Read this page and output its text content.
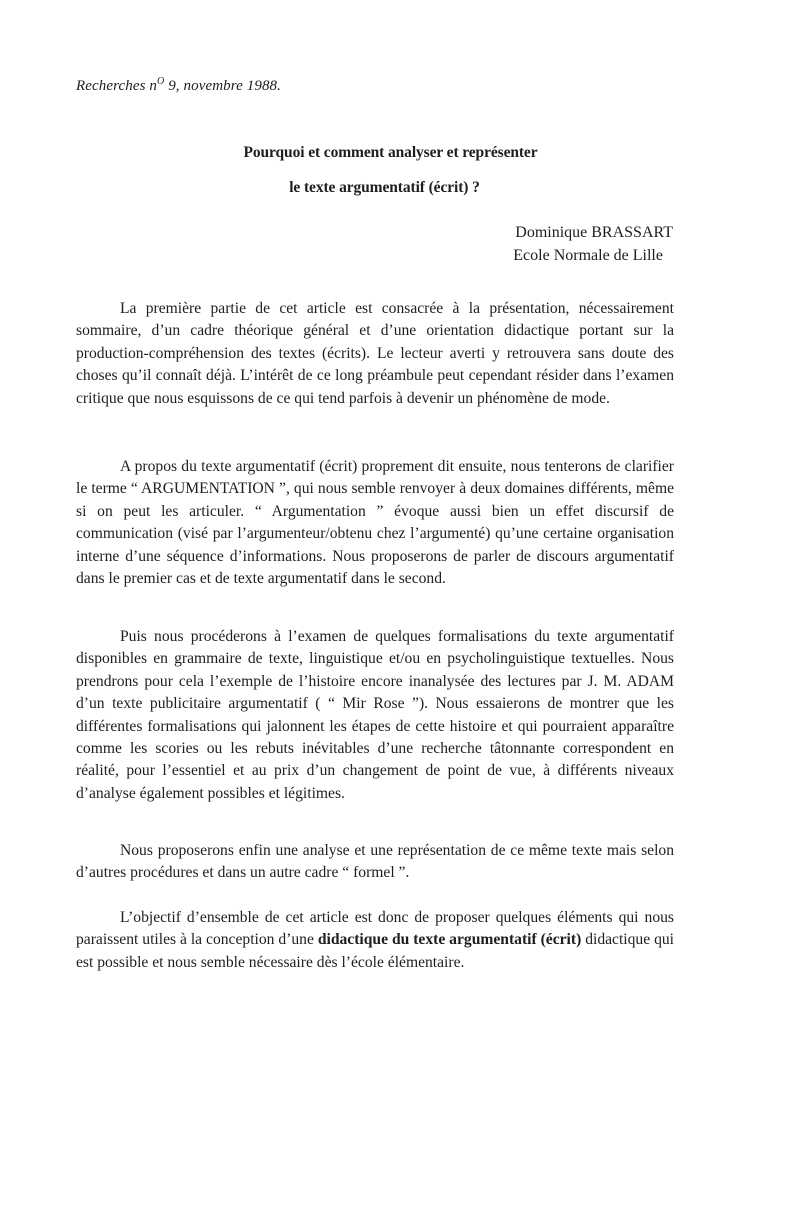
Recherches $n^O$ 9, novembre 1988.
Pourquoi et comment analyser et représenter
le texte argumentatif (écrit) ?
Dominique BRASSART
Ecole Normale de Lille

La première partie de cet article est consacrée à la présentation, nécessairement sommaire, d’un cadre théorique général et d’une orientation didactique portant sur la production-compréhension des textes (écrits). Le lecteur averti y retrouvera sans doute des choses qu’il connaît déjà. L’intérêt de ce long préambule peut cependant résider dans l’examen critique que nous esquissons de ce qui tend parfois à devenir un phénomène de mode.

A propos du texte argumentatif (écrit) proprement dit ensuite, nous tenterons de clarifier le terme “ ARGUMENTATION ”, qui nous semble renvoyer à deux domaines différents, même si on peut les articuler. “ Argumentation ” évoque aussi bien un effet discursif de communication (visé par l’argumenteur/obtenu chez l’argumenté) qu’une certaine organisation interne d’une séquence d’informations. Nous proposerons de parler de discours argumentatif dans le premier cas et de texte argumentatif dans le second.

Puis nous procéderons à l’examen de quelques formalisations du texte argumentatif disponibles en grammaire de texte, linguistique et/ou en psycholinguistique textuelles. Nous prendrons pour cela l’exemple de l’histoire encore inanalysée des lectures par J. M. ADAM d’un texte publicitaire argumentatif ( “ Mir Rose ”). Nous essaierons de montrer que les différentes formalisations qui jalonnent les étapes de cette histoire et qui pourraient apparaître comme les scories ou les rebuts inévitables d’une recherche tâtonnante correspondent en réalité, pour l’essentiel et au prix d’un changement de point de vue, à différents niveaux d’analyse également possibles et légitimes.

Nous proposerons enfin une analyse et une représentation de ce même texte mais selon d’autres procédures et dans un autre cadre “ formel ”.

L’objectif d’ensemble de cet article est donc de proposer quelques éléments qui nous paraissent utiles à la conception d’une didactique du texte argumentatif (écrit) didactique qui est possible et nous semble nécessaire dès l’école élémentaire.
